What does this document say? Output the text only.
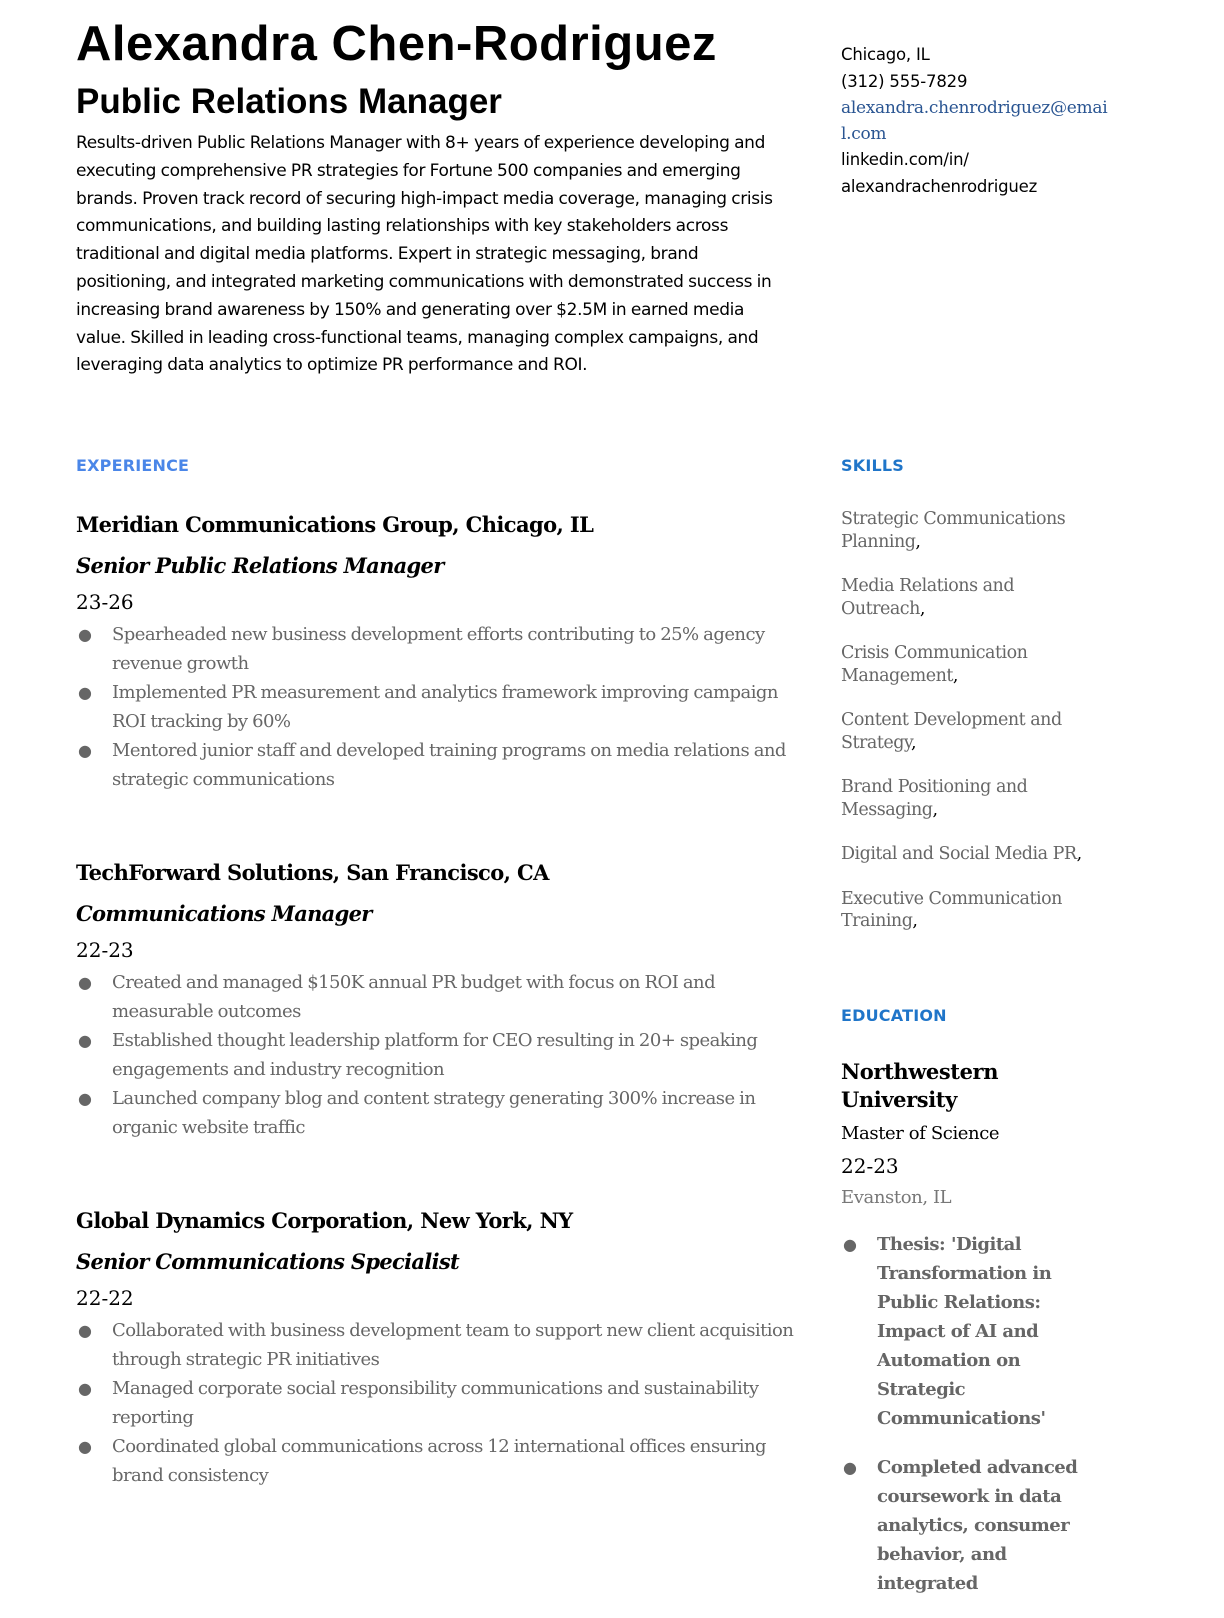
Alexandra Chen-Rodriguez
Public Relations Manager

Results-driven Public Relations Manager with 8+ years of experience developing and executing comprehensive PR strategies for Fortune 500 companies and emerging brands. Proven track record of securing high-impact media coverage, managing crisis communications, and building lasting relationships with key stakeholders across traditional and digital media platforms. Expert in strategic messaging, brand positioning, and integrated marketing communications with demonstrated success in increasing brand awareness by 150% and generating over $2.5M in earned media value. Skilled in leading cross-functional teams, managing complex campaigns, and leveraging data analytics to optimize PR performance and ROI.

Chicago, IL
(312) 555-7829
alexandra.chenrodriguez@email.com
linkedin.com/in/
alexandrachenrodriguez
EXPERIENCE	SKILLS
EDUCATION

Meridian Communications Group, Chicago, IL

Senior Public Relations Manager

23-26

● Spearheaded new business development efforts contributing to 25% agency revenue growth
● Implemented PR measurement and analytics framework improving campaign ROI tracking by 60%
● Mentored junior staff and developed training programs on media relations and strategic communications

TechForward Solutions, San Francisco, CA

Communications Manager

22-23

● Created and managed $150K annual PR budget with focus on ROI and measurable outcomes
● Established thought leadership platform for CEO resulting in 20+ speaking engagements and industry recognition
● Launched company blog and content strategy generating 300% increase in organic website traffic

Global Dynamics Corporation, New York, NY

Senior Communications Specialist

22-22

● Collaborated with business development team to support new client acquisition through strategic PR initiatives
● Managed corporate social responsibility communications and sustainability reporting
● Coordinated global communications across 12 international offices ensuring brand consistency

Strategic Communications Planning,

Media Relations and Outreach,

Crisis Communication Management,

Content Development and Strategy,

Brand Positioning and Messaging,

Digital and Social Media PR,

Executive Communication Training,

Northwestern University

Master of Science

22-23

Evanston, IL

● Thesis: 'Digital Transformation in Public Relations: Impact of AI and Automation on Strategic Communications'
● Completed advanced coursework in data analytics, consumer behavior, and integrated
